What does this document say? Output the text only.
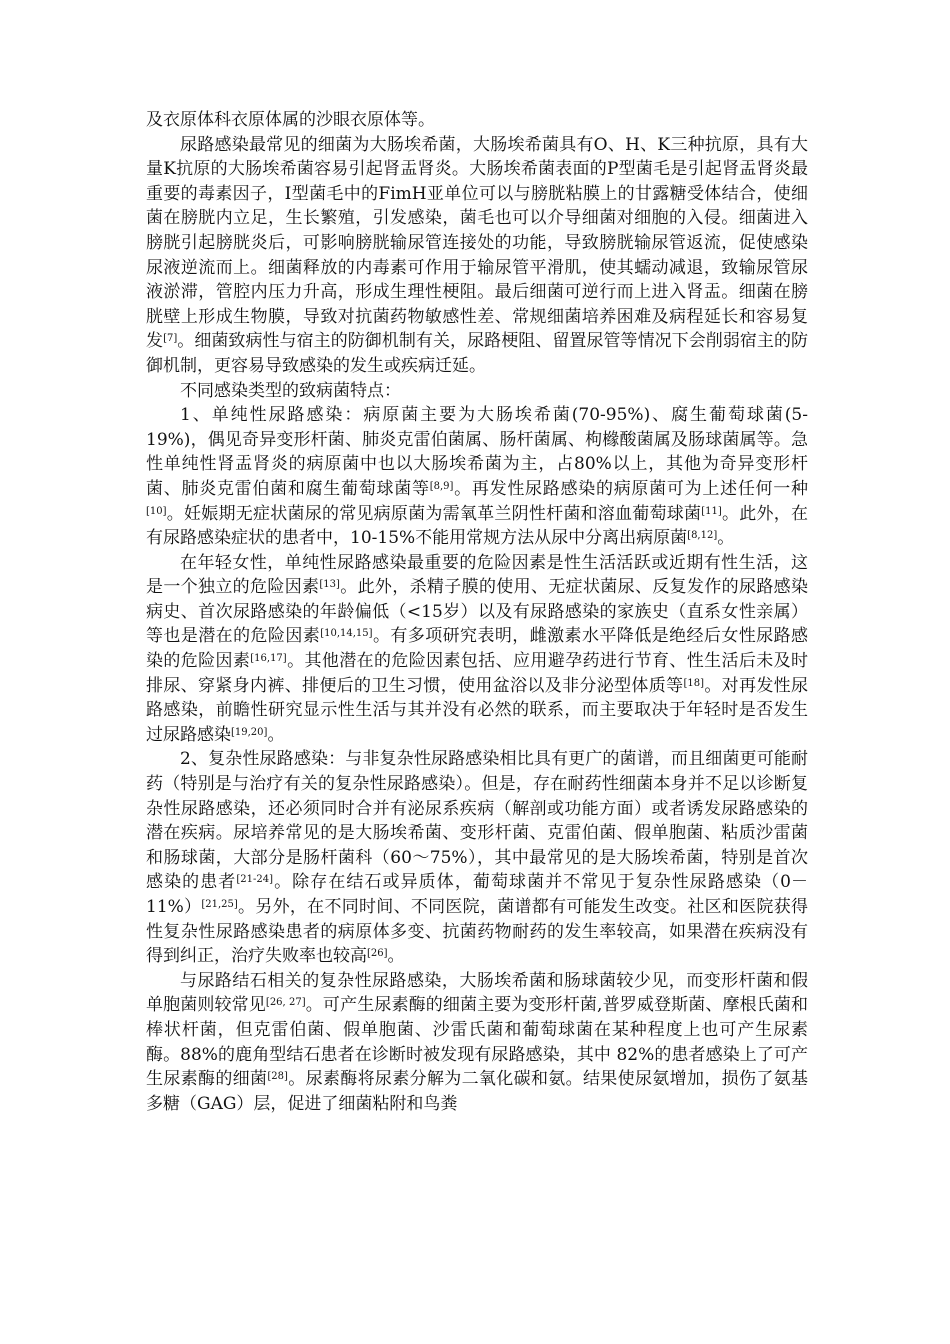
及衣原体科衣原体属的沙眼衣原体等。

尿路感染最常见的细菌为大肠埃希菌，大肠埃希菌具有O、H、K三种抗原，具有大量K抗原的大肠埃希菌容易引起肾盂肾炎。大肠埃希菌表面的P型菌毛是引起肾盂肾炎最重要的毒素因子，Ⅰ型菌毛中的FimH亚单位可以与膀胱粘膜上的甘露糖受体结合，使细菌在膀胱内立足，生长繁殖，引发感染，菌毛也可以介导细菌对细胞的入侵。细菌进入膀胱引起膀胱炎后，可影响膀胱输尿管连接处的功能，导致膀胱输尿管返流，促使感染尿液逆流而上。细菌释放的内毒素可作用于输尿管平滑肌，使其蠕动减退，致输尿管尿液淤滞，管腔内压力升高，形成生理性梗阻。最后细菌可逆行而上进入肾盂。细菌在膀胱壁上形成生物膜，导致对抗菌药物敏感性差、常规细菌培养困难及病程延长和容易复发[7]。细菌致病性与宿主的防御机制有关，尿路梗阻、留置尿管等情况下会削弱宿主的防御机制，更容易导致感染的发生或疾病迁延。

不同感染类型的致病菌特点：

1、单纯性尿路感染：病原菌主要为大肠埃希菌(70-95%)、腐生葡萄球菌(5-19%)，偶见奇异变形杆菌、肺炎克雷伯菌属、肠杆菌属、枸橼酸菌属及肠球菌属等。急性单纯性肾盂肾炎的病原菌中也以大肠埃希菌为主，占80%以上，其他为奇异变形杆菌、肺炎克雷伯菌和腐生葡萄球菌等[8,9]。再发性尿路感染的病原菌可为上述任何一种[10]。妊娠期无症状菌尿的常见病原菌为需氧革兰阴性杆菌和溶血葡萄球菌[11]。此外，在有尿路感染症状的患者中，10-15%不能用常规方法从尿中分离出病原菌[8,12]。

在年轻女性，单纯性尿路感染最重要的危险因素是性生活活跃或近期有性生活，这是一个独立的危险因素[13]。此外，杀精子膜的使用、无症状菌尿、反复发作的尿路感染病史、首次尿路感染的年龄偏低（<15岁）以及有尿路感染的家族史（直系女性亲属）等也是潜在的危险因素[10,14,15]。有多项研究表明，雌激素水平降低是绝经后女性尿路感染的危险因素[16,17]。其他潜在的危险因素包括、应用避孕药进行节育、性生活后未及时排尿、穿紧身内裤、排便后的卫生习惯，使用盆浴以及非分泌型体质等[18]。对再发性尿路感染，前瞻性研究显示性生活与其并没有必然的联系，而主要取决于年轻时是否发生过尿路感染[19,20]。

2、复杂性尿路感染：与非复杂性尿路感染相比具有更广的菌谱，而且细菌更可能耐药（特别是与治疗有关的复杂性尿路感染）。但是，存在耐药性细菌本身并不足以诊断复杂性尿路感染，还必须同时合并有泌尿系疾病（解剖或功能方面）或者诱发尿路感染的潜在疾病。尿培养常见的是大肠埃希菌、变形杆菌、克雷伯菌、假单胞菌、粘质沙雷菌和肠球菌，大部分是肠杆菌科（60～75%），其中最常见的是大肠埃希菌，特别是首次感染的患者[21-24]。除存在结石或异质体，葡萄球菌并不常见于复杂性尿路感染（0－11%）[21,25]。另外，在不同时间、不同医院，菌谱都有可能发生改变。社区和医院获得性复杂性尿路感染患者的病原体多变、抗菌药物耐药的发生率较高，如果潜在疾病没有得到纠正，治疗失败率也较高[26]。

与尿路结石相关的复杂性尿路感染，大肠埃希菌和肠球菌较少见，而变形杆菌和假单胞菌则较常见[26, 27]。可产生尿素酶的细菌主要为变形杆菌,普罗威登斯菌、摩根氏菌和棒状杆菌，但克雷伯菌、假单胞菌、沙雷氏菌和葡萄球菌在某种程度上也可产生尿素酶。88%的鹿角型结石患者在诊断时被发现有尿路感染，其中 82%的患者感染上了可产生尿素酶的细菌[28]。尿素酶将尿素分解为二氧化碳和氨。结果使尿氨增加，损伤了氨基多糖（GAG）层，促进了细菌粘附和鸟粪
